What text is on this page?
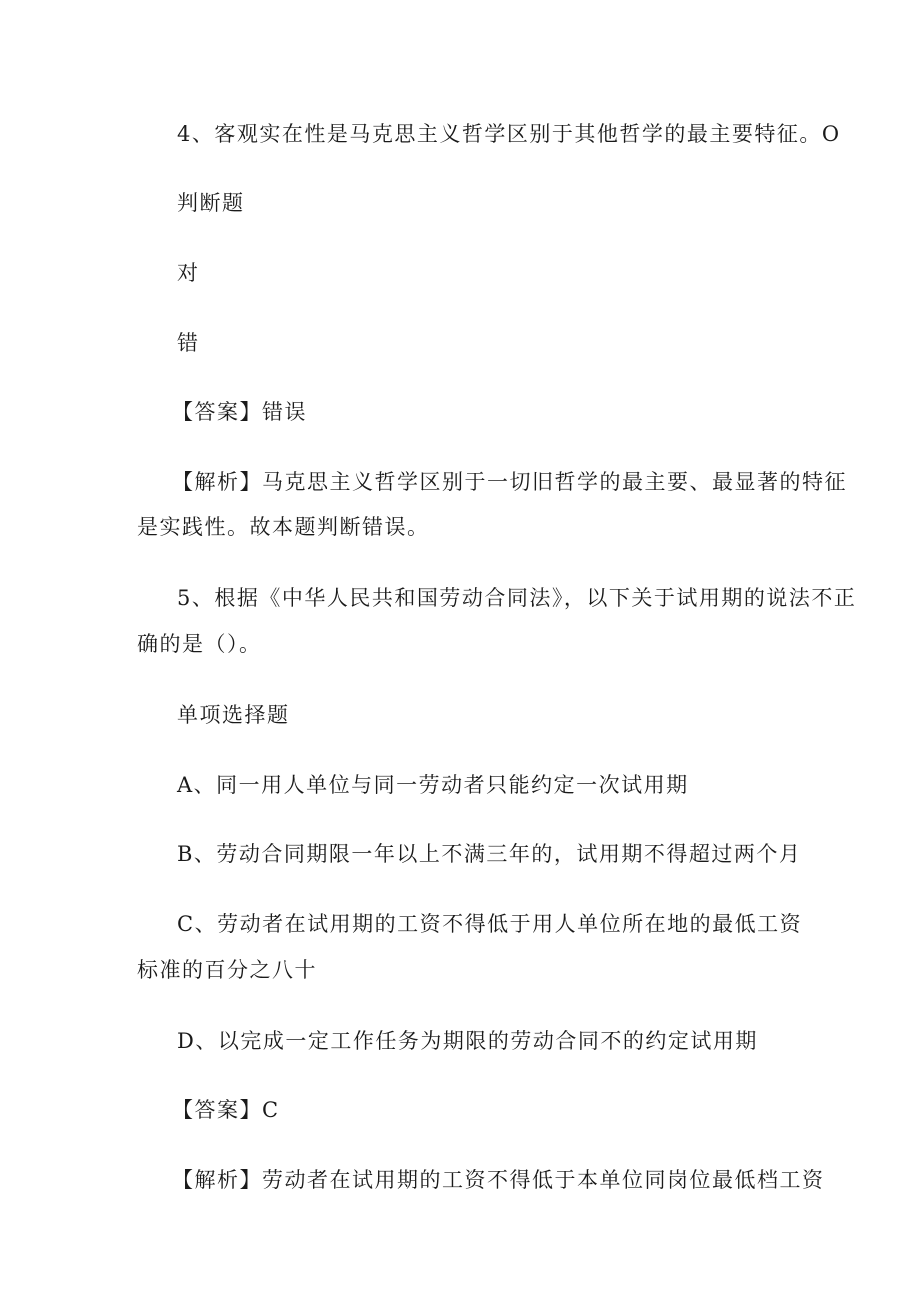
4、客观实在性是马克思主义哲学区别于其他哲学的最主要特征。O
判断题
对
错
【答案】错误
【解析】马克思主义哲学区别于一切旧哲学的最主要、最显著的特征
是实践性。故本题判断错误。
5、根据《中华人民共和国劳动合同法》，以下关于试用期的说法不正
确的是（）。
单项选择题
A、同一用人单位与同一劳动者只能约定一次试用期
B、劳动合同期限一年以上不满三年的，试用期不得超过两个月
C、劳动者在试用期的工资不得低于用人单位所在地的最低工资
标准的百分之八十
D、以完成一定工作任务为期限的劳动合同不的约定试用期
【答案】C
【解析】劳动者在试用期的工资不得低于本单位同岗位最低档工资
